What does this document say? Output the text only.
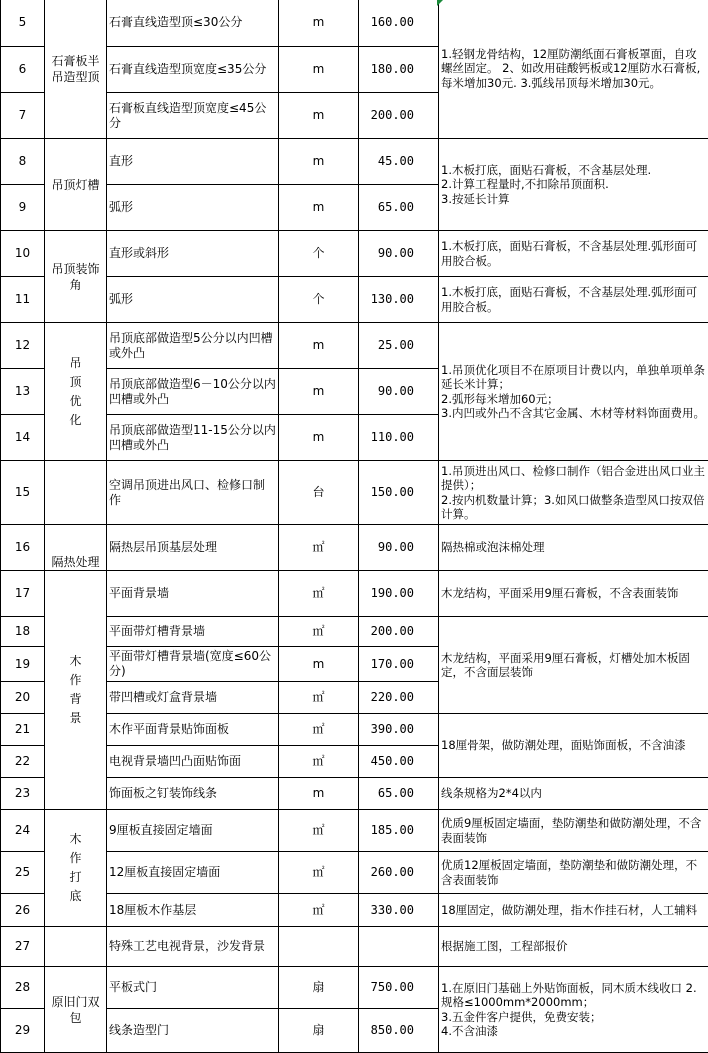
5	石膏板半吊造型顶	石膏直线造型顶≤30公分	m	160.00	1.轻钢龙骨结构，12厘防潮纸面石膏板罩面，自攻螺丝固定。 2、如改用硅酸钙板或12厘防水石膏板,每米增加30元. 3.弧线吊顶每米增加30元。
6		石膏直线造型顶宽度≤35公分	m	180.00	
7		石膏板直线造型顶宽度≤45公分	m	200.00	
8	吊顶灯槽	直形	m	45.00	1.木板打底，面贴石膏板，不含基层处理.
2.计算工程量时,不扣除吊顶面积.
3.按延长计算
9		弧形	m	65.00	
10	吊顶装饰角	直形或斜形	个	90.00	1.木板打底，面贴石膏板，不含基层处理.弧形面可用胶合板。
11		弧形	个	130.00	1.木板打底，面贴石膏板，不含基层处理.弧形面可用胶合板。
12	吊顶优化	吊顶底部做造型5公分以内凹槽或外凸	m	25.00	1.吊顶优化项目不在原项目计费以内，单独单项单条延长米计算；
2.弧形每米增加60元；
3.内凹或外凸不含其它金属、木材等材料饰面费用。
13		吊顶底部做造型6－10公分以内凹槽或外凸	m	90.00	
14		吊顶底部做造型11-15公分以内凹槽或外凸	m	110.00	
15		空调吊顶进出风口、检修口制作	台	150.00	1.吊顶进出风口、检修口制作（铝合金进出风口业主提供）；
2.按内机数量计算；3.如风口做整条造型风口按双倍计算。
16	隔热处理	隔热层吊顶基层处理	㎡	90.00	隔热棉或泡沫棉处理
17	木作背景	平面背景墙	㎡	190.00	木龙结构，平面采用9厘石膏板，不含表面装饰
18		平面带灯槽背景墙	㎡	200.00	木龙结构，平面采用9厘石膏板，灯槽处加木板固定，不含面层装饰
19		平面带灯槽背景墙(宽度≤60公分)	m	170.00	
20		带凹槽或灯盒背景墙	㎡	220.00	
21		木作平面背景贴饰面板	㎡	390.00	18厘骨架，做防潮处理，面贴饰面板，不含油漆
22		电视背景墙凹凸面贴饰面	㎡	450.00	
23		饰面板之钉装饰线条	m	65.00	线条规格为2*4以内
24	木作打底	9厘板直接固定墙面	㎡	185.00	优质9厘板固定墙面，垫防潮垫和做防潮处理，不含表面装饰
25		12厘板直接固定墙面	㎡	260.00	优质12厘板固定墙面，垫防潮垫和做防潮处理，不含表面装饰
26		18厘板木作基层	㎡	330.00	18厘固定，做防潮处理，指木作挂石材，人工辅料
27		特殊工艺电视背景，沙发背景			根据施工图，工程部报价
28	原旧门双包	平板式门	扇	750.00	1.在原旧门基础上外贴饰面板，同木质木线收口 2.规格≤1000mm*2000mm；
3.五金件客户提供，免费安装；
4.不含油漆
29		线条造型门	扇	850.00	
